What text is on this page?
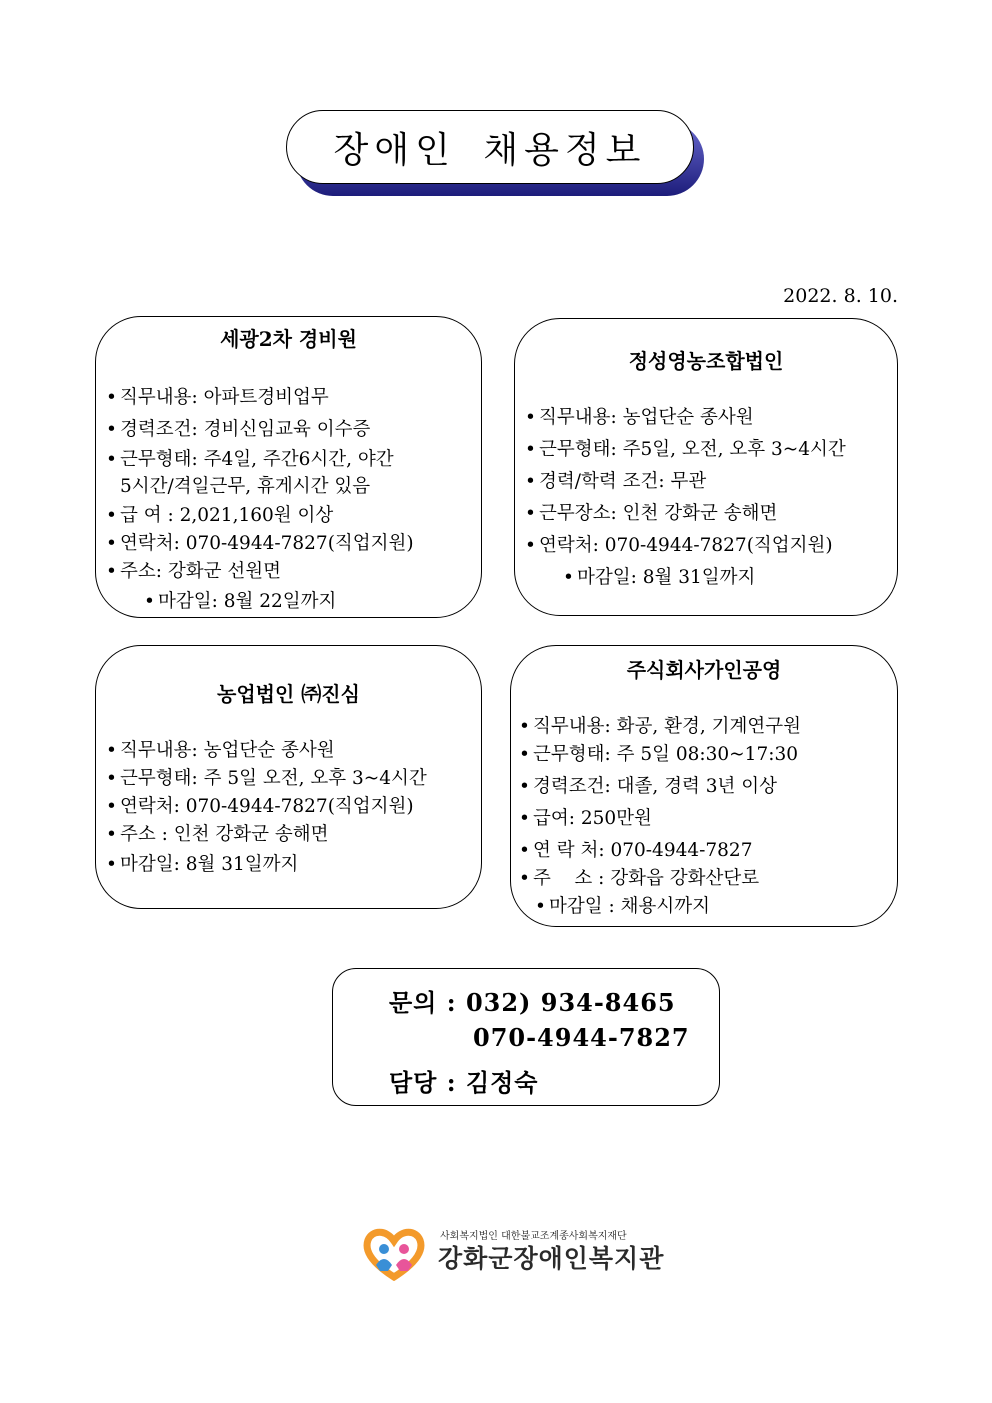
장애인 채용정보
2022. 8. 10.
세광2차 경비원
• 직무내용: 아파트경비업무
• 경력조건: 경비신임교육 이수증
• 근무형태: 주4일, 주간6시간, 야간
5시간/격일근무, 휴게시간 있음
• 급 여 : 2,021,160원 이상
• 연락처: 070-4944-7827(직업지원)
• 주소: 강화군 선원면
• 마감일: 8월 22일까지
정성영농조합법인
• 직무내용: 농업단순 종사원
• 근무형태: 주5일, 오전, 오후 3~4시간
• 경력/학력 조건: 무관
• 근무장소: 인천 강화군 송해면
• 연락처: 070-4944-7827(직업지원)
• 마감일: 8월 31일까지
농업법인 ㈜진심
• 직무내용: 농업단순 종사원
• 근무형태: 주 5일 오전, 오후 3~4시간
• 연락처: 070-4944-7827(직업지원)
• 주소 : 인천 강화군 송해면
• 마감일: 8월 31일까지
주식회사가인공영
• 직무내용: 화공, 환경, 기계연구원
• 근무형태: 주 5일 08:30~17:30
• 경력조건: 대졸, 경력 3년 이상
• 급여: 250만원
• 연 락 처: 070-4944-7827
• 주    소 : 강화읍 강화산단로
• 마감일 : 채용시까지
문의 : 032) 934-8465
070-4944-7827
담당 : 김정숙
사회복지법인 대한불교조계종사회복지재단
강화군장애인복지관
